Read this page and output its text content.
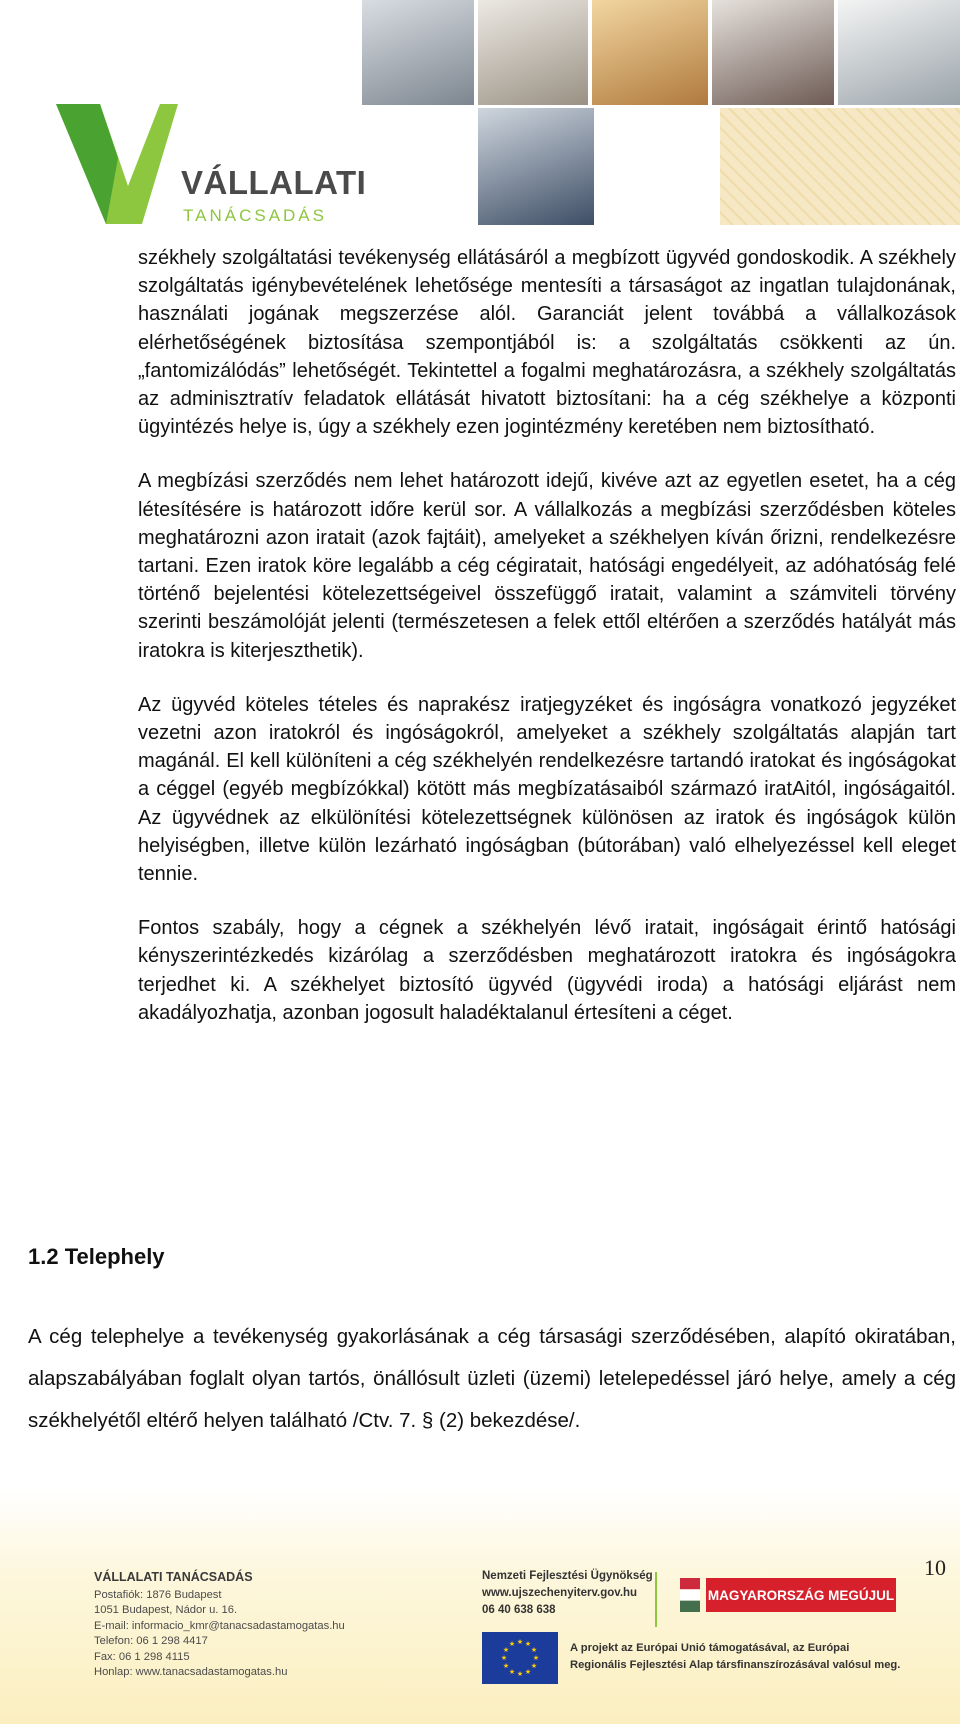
VÁLLALATI
TANÁCSADÁS

székhely szolgáltatási tevékenység ellátásáról a megbízott ügyvéd gondoskodik. A székhely szolgáltatás igénybevételének lehetősége mentesíti a társaságot az ingatlan tulajdonának, használati jogának megszerzése alól. Garanciát jelent továbbá a vállalkozások elérhetőségének biztosítása szempontjából is: a szolgáltatás csökkenti az ún. „fantomizálódás” lehetőségét. Tekintettel a fogalmi meghatározásra, a székhely szolgáltatás az adminisztratív feladatok ellátását hivatott biztosítani: ha a cég székhelye a központi ügyintézés helye is, úgy a székhely ezen jogintézmény keretében nem biztosítható.

A megbízási szerződés nem lehet határozott idejű, kivéve azt az egyetlen esetet, ha a cég létesítésére is határozott időre kerül sor. A vállalkozás a megbízási szerződésben köteles meghatározni azon iratait (azok fajtáit), amelyeket a székhelyen kíván őrizni, rendelkezésre tartani. Ezen iratok köre legalább a cég cégiratait, hatósági engedélyeit, az adóhatóság felé történő bejelentési kötelezettségeivel összefüggő iratait, valamint a számviteli törvény szerinti beszámolóját jelenti (természetesen a felek ettől eltérően a szerződés hatályát más iratokra is kiterjeszthetik).

Az ügyvéd köteles tételes és naprakész iratjegyzéket és ingóságra vonatkozó jegyzéket vezetni azon iratokról és ingóságokról, amelyeket a székhely szolgáltatás alapján tart magánál. El kell különíteni a cég székhelyén rendelkezésre tartandó iratokat és ingóságokat a céggel (egyéb megbízókkal) kötött más megbízatásaiból származó iratAitól, ingóságaitól. Az ügyvédnek az elkülönítési kötelezettségnek különösen az iratok és ingóságok külön helyiségben, illetve külön lezárható ingóságban (bútorában) való elhelyezéssel kell eleget tennie.

Fontos szabály, hogy a cégnek a székhelyén lévő iratait, ingóságait érintő hatósági kényszerintézkedés kizárólag a szerződésben meghatározott iratokra és ingóságokra terjedhet ki. A székhelyet biztosító ügyvéd (ügyvédi iroda) a hatósági eljárást nem akadályozhatja, azonban jogosult haladéktalanul értesíteni a céget.

1.2 Telephely

A cég telephelye a tevékenység gyakorlásának a cég társasági szerződésében, alapító okiratában, alapszabályában foglalt olyan tartós, önállósult üzleti (üzemi) letelepedéssel járó helye, amely a cég székhelyétől eltérő helyen található /Ctv. 7. § (2) bekezdése/.

VÁLLALATI TANÁCSADÁS
Postafiók: 1876 Budapest
1051 Budapest, Nádor u. 16.
E-mail: informacio_kmr@tanacsadastamogatas.hu
Telefon: 06 1 298 4417
Fax: 06 1 298 4115
Honlap: www.tanacsadastamogatas.hu
Nemzeti Fejlesztési Ügynökség
www.ujszechenyiterv.gov.hu
06 40 638 638
MAGYARORSZÁG MEGÚJUL
★ ★
★
★
★
★
★
★
★
★
★
★	A projekt az Európai Unió támogatásával, az Európai
Regionális Fejlesztési Alap társfinanszírozásával valósul meg.
10
